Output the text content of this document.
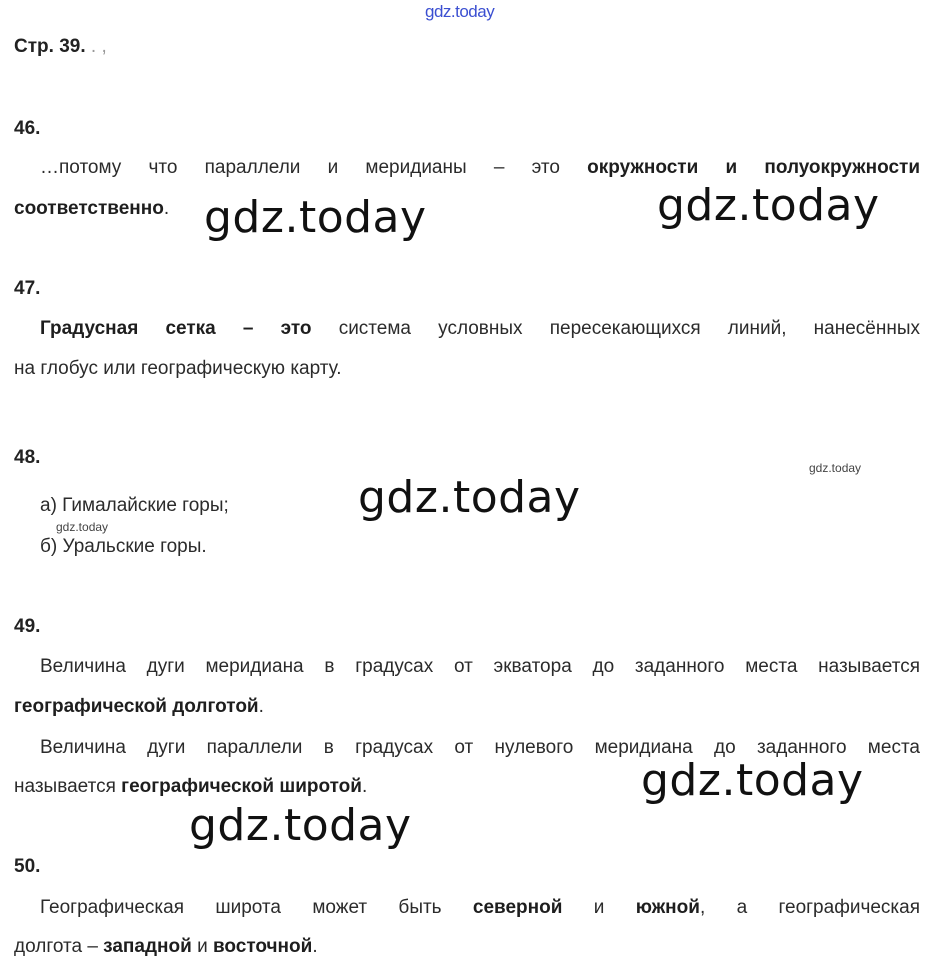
gdz.today
Стр. 39. . ,
46.
…потому что параллели и меридианы – это окружности и полуокружности
соответственно.
47.
Градусная сетка – это система условных пересекающихся линий, нанесённых
на глобус или географическую карту.
48.
а) Гималайские горы;
б) Уральские горы.
49.
Величина дуги меридиана в градусах от экватора до заданного места называется
географической долготой.
Величина дуги параллели в градусах от нулевого меридиана до заданного места
называется географической широтой.
50.
Географическая широта может быть северной и южной, а географическая
долгота – западной и восточной.
gdz.today	gdz.today
gdz.today
gdz.today
gdz.today
gdz.today
gdz.today
